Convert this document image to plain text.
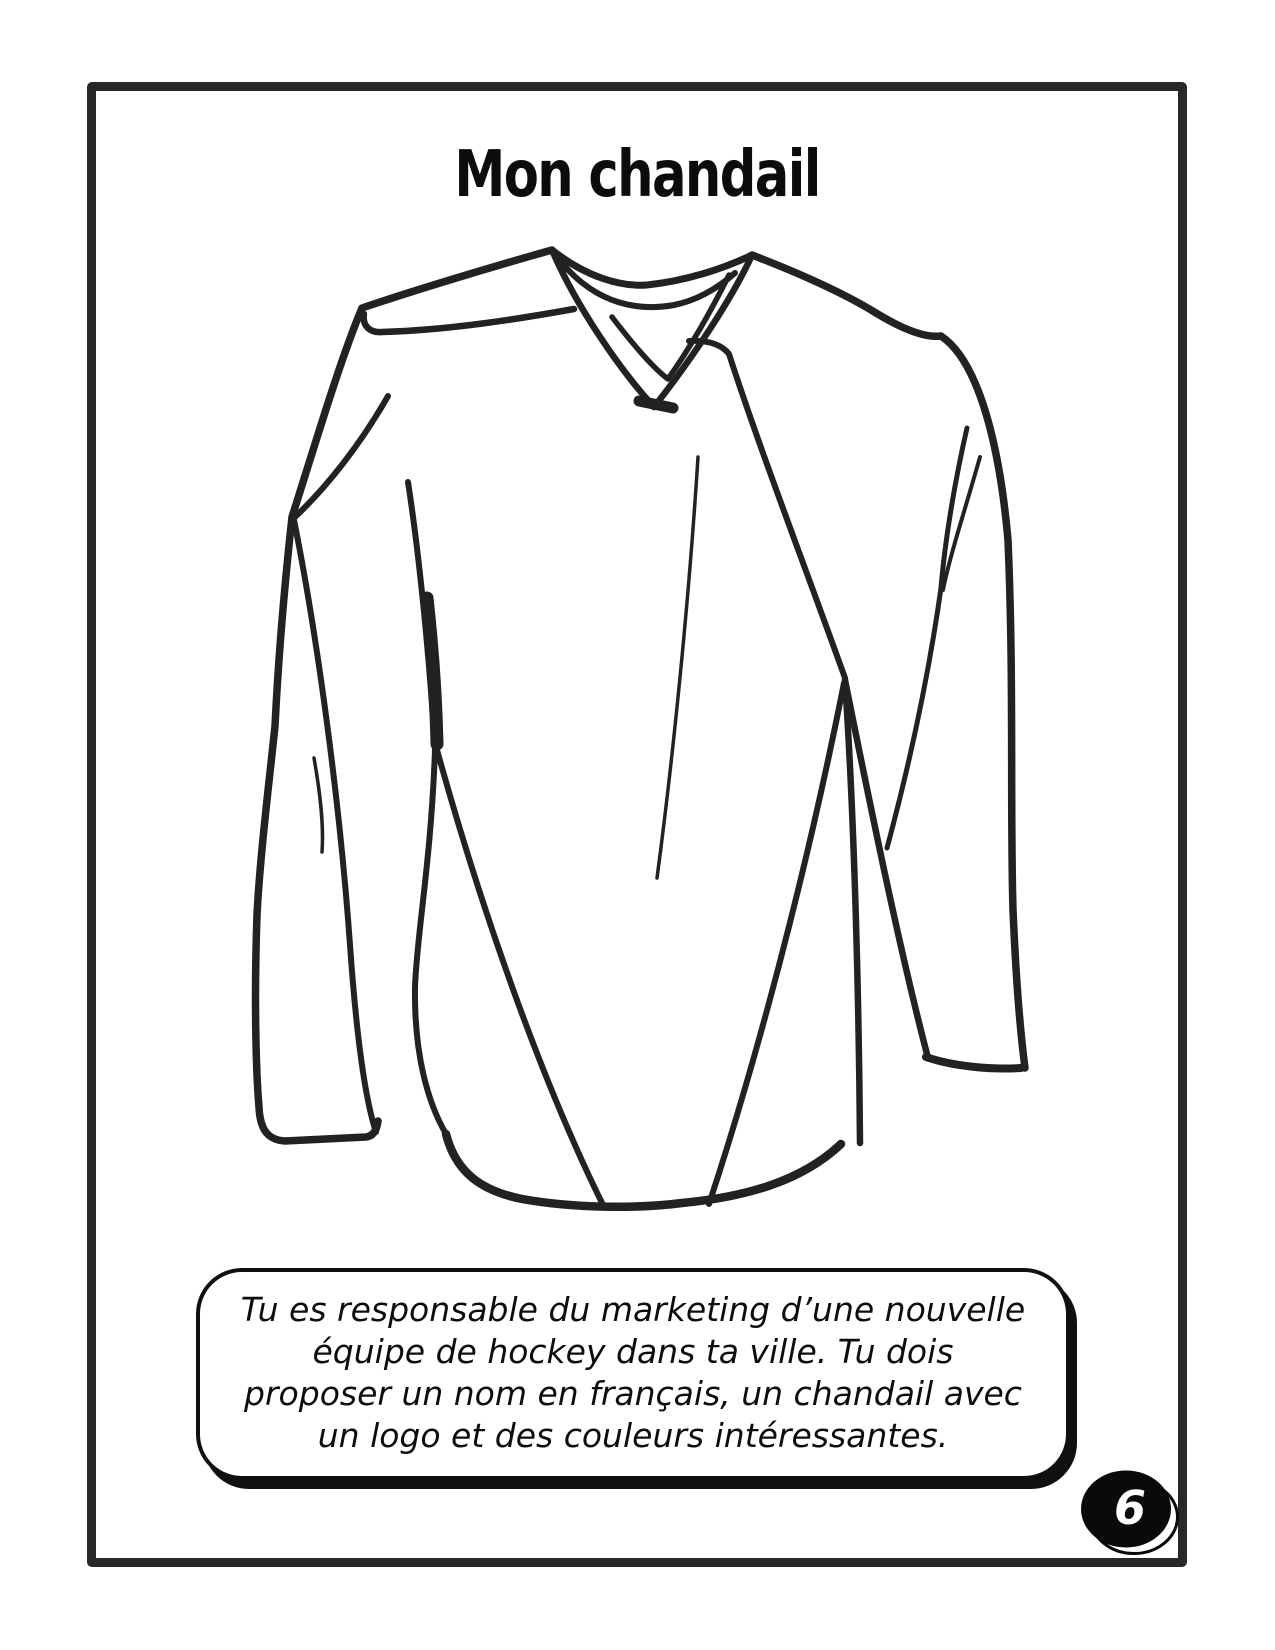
Mon chandail
Tu es responsable du marketing d’une nouvelle
équipe de hockey dans ta ville. Tu dois
proposer un nom en français, un chandail avec
un logo et des couleurs intéressantes.
6
